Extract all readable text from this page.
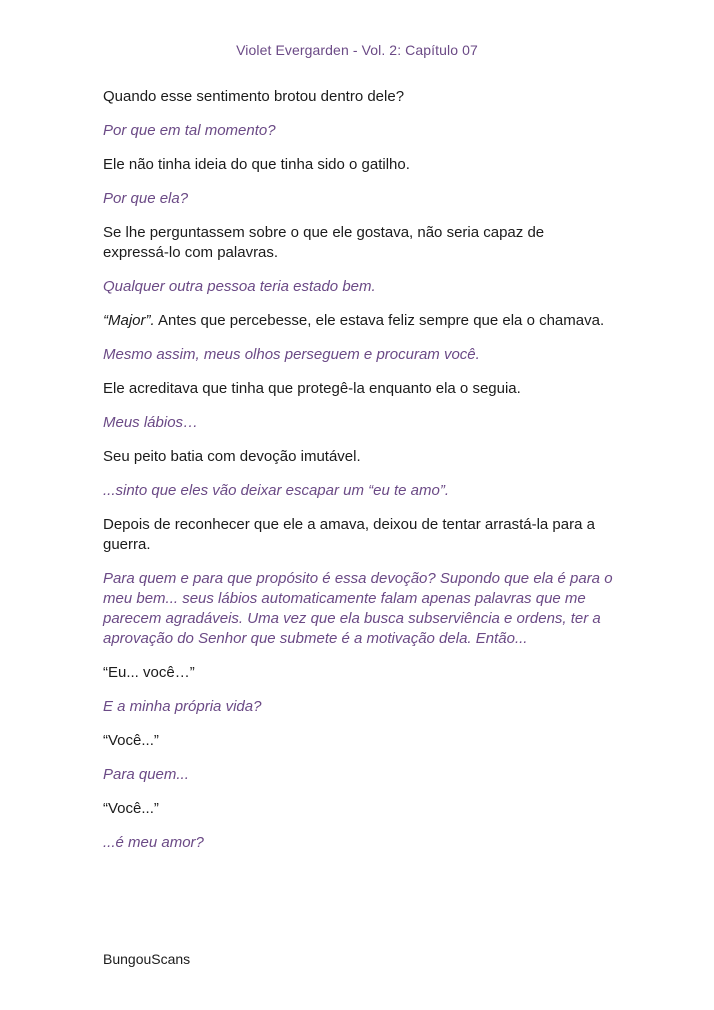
Violet Evergarden - Vol. 2: Capítulo 07

Quando esse sentimento brotou dentro dele?

Por que em tal momento?

Ele não tinha ideia do que tinha sido o gatilho.

Por que ela?

Se lhe perguntassem sobre o que ele gostava, não seria capaz de expressá-lo com palavras.

Qualquer outra pessoa teria estado bem.

“Major”. Antes que percebesse, ele estava feliz sempre que ela o chamava.

Mesmo assim, meus olhos perseguem e procuram você.

Ele acreditava que tinha que protegê-la enquanto ela o seguia.

Meus lábios…

Seu peito batia com devoção imutável.

...sinto que eles vão deixar escapar um “eu te amo”.

Depois de reconhecer que ele a amava, deixou de tentar arrastá-la para a guerra.

Para quem e para que propósito é essa devoção? Supondo que ela é para o meu bem... seus lábios automaticamente falam apenas palavras que me parecem agradáveis. Uma vez que ela busca subserviência e ordens, ter a aprovação do Senhor que submete é a motivação dela. Então...

“Eu... você…”

E a minha própria vida?

“Você...”

Para quem...

“Você...”

...é meu amor?

BungouScans
